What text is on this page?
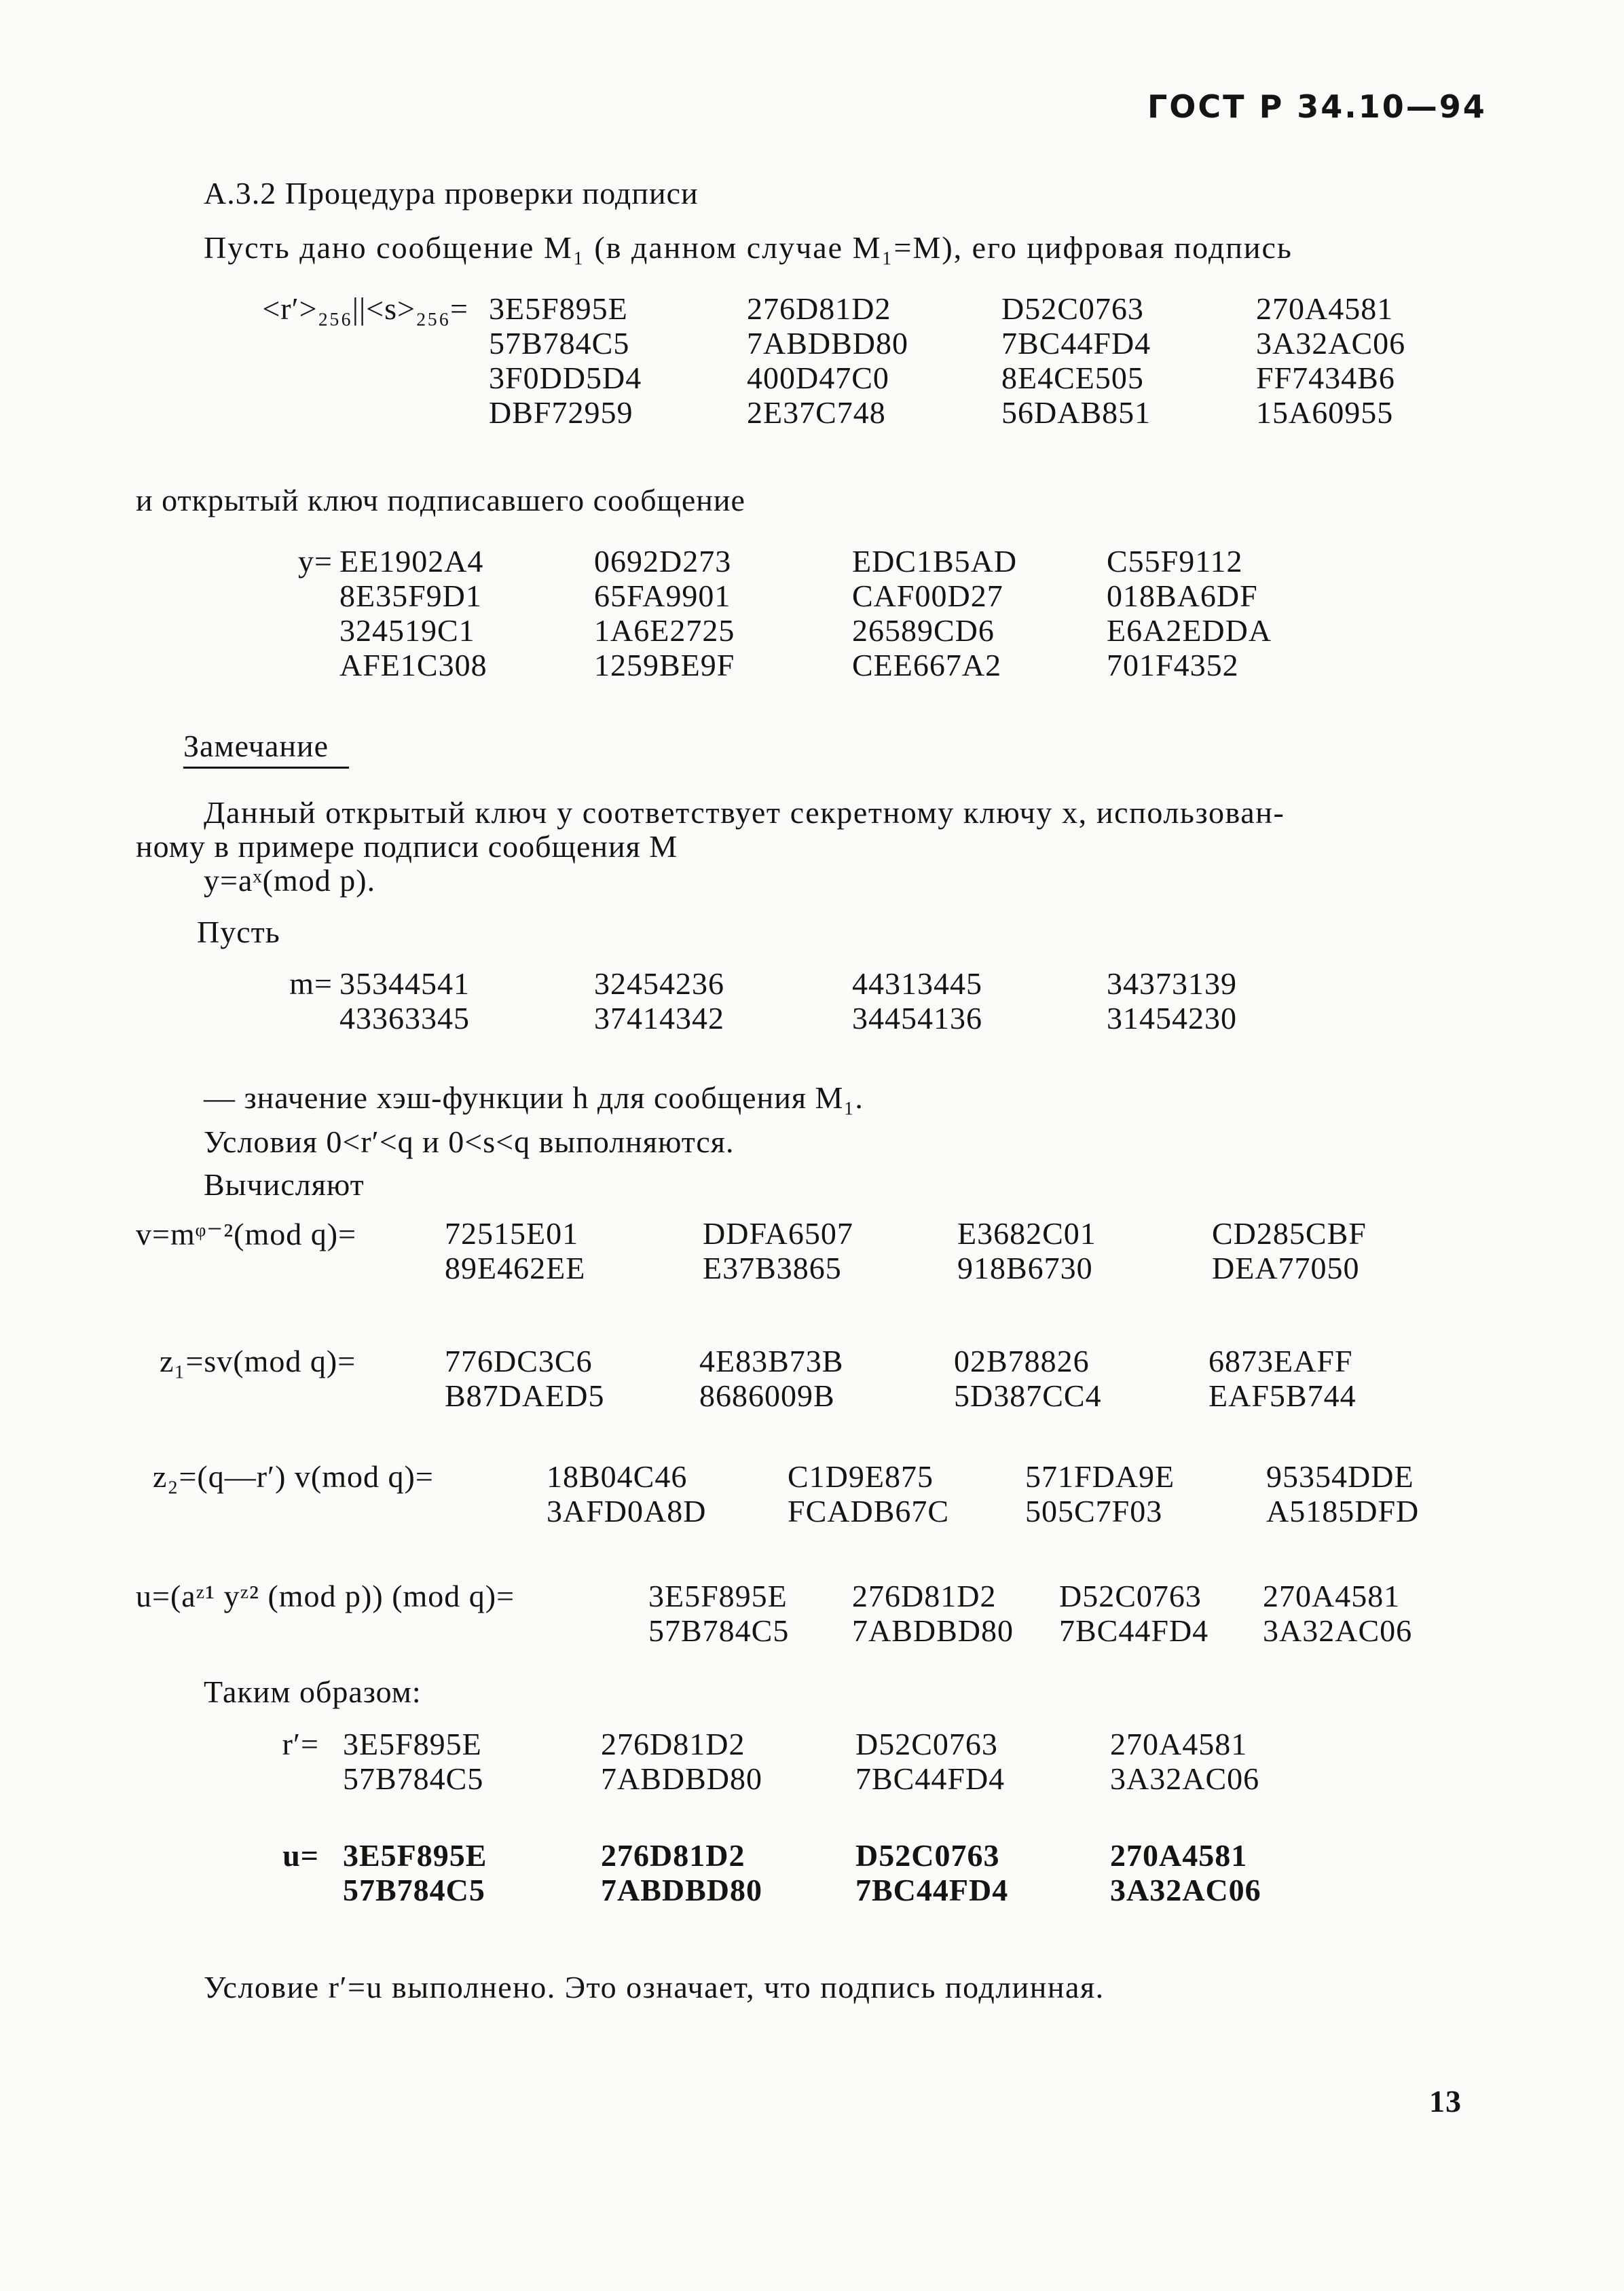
ГОСТ Р 34.10—94
А.3.2 Процедура проверки подписи
Пусть дано сообщение M₁ (в данном случае M₁=M), его цифровая подпись
<r′>₂₅₆||<s>₂₅₆= 3E5F895E	276D81D2	D52C0763	270A4581
57B784C5	7ABDBD80	7BC44FD4	3A32AC06
3F0DD5D4	400D47C0	8E4CE505	FF7434B6
DBF72959	2E37C748	56DAB851	15A60955
и открытый ключ подписавшего сообщение
y= EE1902A4	0692D273	EDC1B5AD	C55F9112
8E35F9D1	65FA9901	CAF00D27	018BA6DF
324519C1	1A6E2725	26589CD6	E6A2EDDA
AFE1C308	1259BE9F	CEE667A2	701F4352
Замечание
Данный открытый ключ y соответствует секретному ключу x, использован-
ному в примере подписи сообщения M
y=aˣ(mod p).
Пусть
m= 35344541	32454236	44313445	34373139
43363345	37414342	34454136	31454230
— значение хэш-функции h для сообщения M₁.
Условия 0<r′<q и 0<s<q выполняются.
Вычисляют
v=mᵠ⁻²(mod q)=	72515E01	DDFA6507	E3682C01	CD285CBF
89E462EE	E37B3865	918B6730	DEA77050
z₁=sv(mod q)=	776DC3C6	4E83B73B	02B78826	6873EAFF
B87DAED5	8686009B	5D387CC4	EAF5B744
z₂=(q—r′) v(mod q)=	18B04C46	C1D9E875	571FDA9E	95354DDE
3AFD0A8D	FCADB67C 505C7F03	A5185DFD
u=(aᶻ¹ yᶻ² (mod p)) (mod q)=	3E5F895E 276D81D2 D52C0763 270A4581
57B784C5 7ABDBD80 7BC44FD4 3A32AC06
Таким образом:
r′= 3E5F895E	276D81D2	D52C0763	270A4581
57B784C5	7ABDBD80	7BC44FD4	3A32AC06
u= 3E5F895E	276D81D2	D52C0763	270A4581
57B784C5	7ABDBD80	7BC44FD4	3A32AC06
Условие r′=u выполнено. Это означает, что подпись подлинная.
13
